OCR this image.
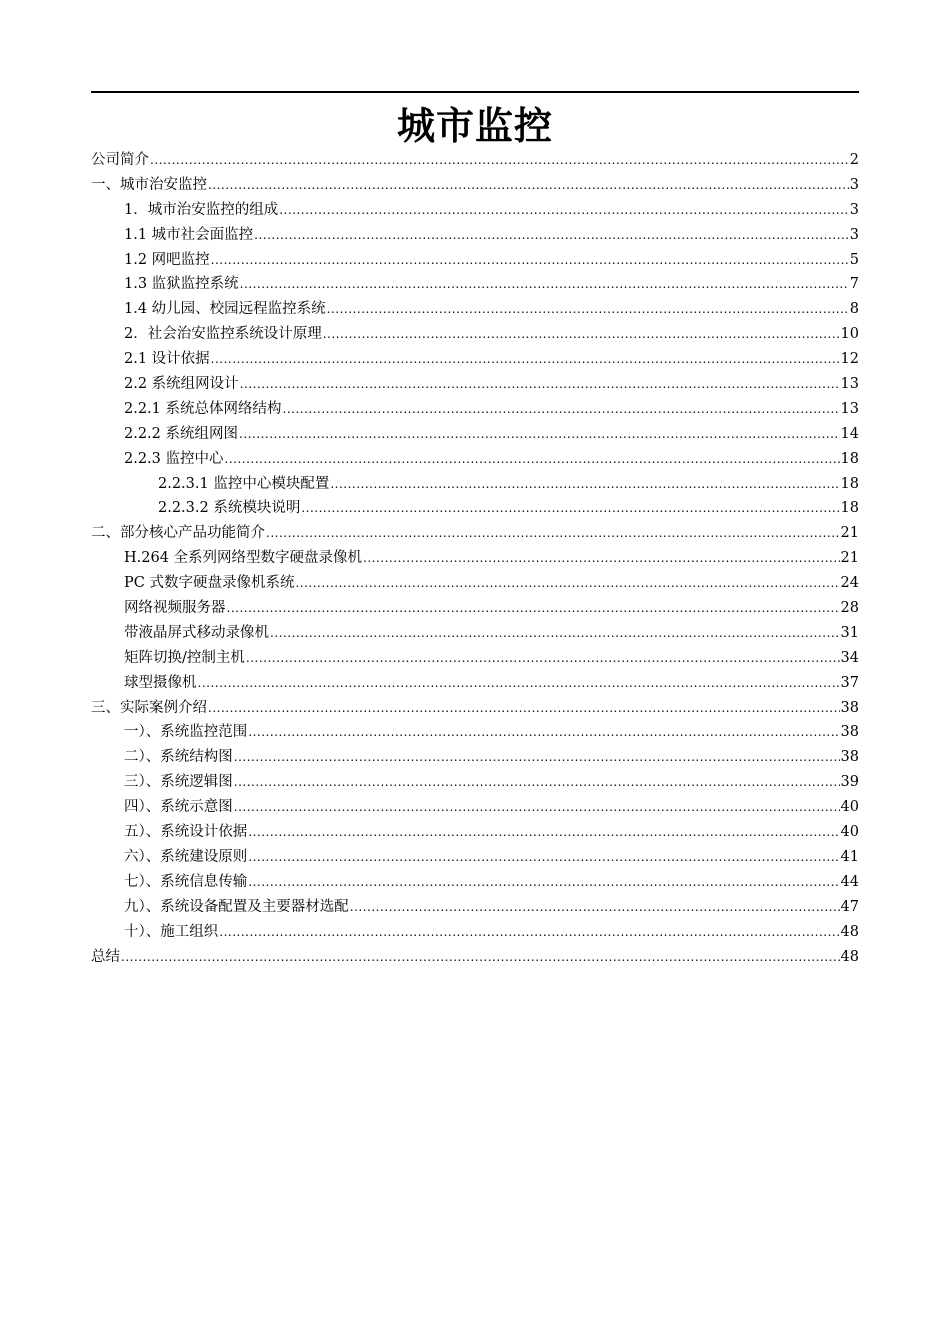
城市监控
公司简介 .....	2
一、城市治安监控 .....	3
1．城市治安监控的组成 .....	3
1.1 城市社会面监控 .....	3
1.2 网吧监控 .....	5
1.3 监狱监控系统 .....	7
1.4 幼儿园、校园远程监控系统 .....	8
2．社会治安监控系统设计原理 .....	10
2.1 设计依据 .....	12
2.2 系统组网设计 .....	13
2.2.1 系统总体网络结构 .....	13
2.2.2 系统组网图 .....	14
2.2.3 监控中心 .....	18
2.2.3.1 监控中心模块配置 .....	18
2.2.3.2 系统模块说明 .....	18
二、部分核心产品功能简介 .....	21
H.264 全系列网络型数字硬盘录像机 .....	21
PC 式数字硬盘录像机系统 .....	24
网络视频服务器 .....	28
带液晶屏式移动录像机 .....	31
矩阵切换/控制主机 .....	34
球型摄像机 .....	37
三、实际案例介绍 .....	38
一）、系统监控范围 .....	38
二）、系统结构图 .....	38
三）、系统逻辑图 .....	39
四）、系统示意图 .....	40
五）、系统设计依据 .....	40
六）、系统建设原则 .....	41
七）、系统信息传输 .....	44
九）、系统设备配置及主要器材选配 .....	47
十）、施工组织 .....	48
总结 .....	48
